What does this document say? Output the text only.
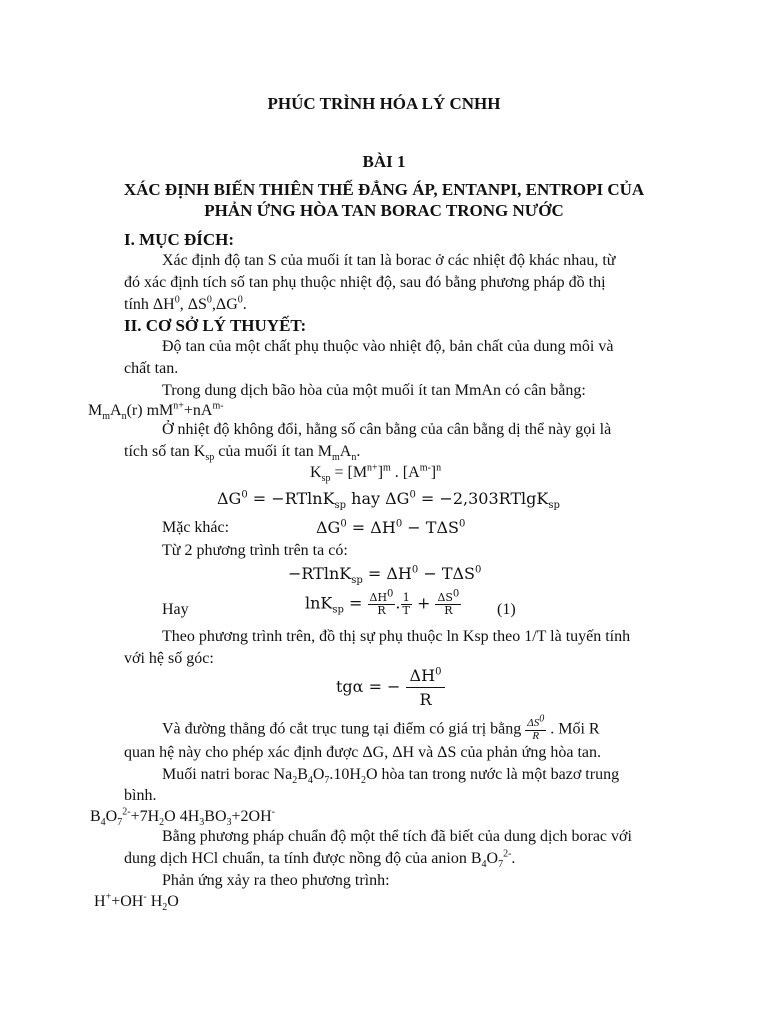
PHÚC TRÌNH HÓA LÝ CNHH
BÀI 1
XÁC ĐỊNH BIẾN THIÊN THẾ ĐẲNG ÁP, ENTANPI, ENTROPI CỦA
PHẢN ỨNG HÒA TAN BORAC TRONG NƯỚC
I. MỤC ĐÍCH:
Xác định độ tan S của muối ít tan là borac ở các nhiệt độ khác nhau, từ
đó xác định tích số tan phụ thuộc nhiệt độ, sau đó bằng phương pháp đồ thị
tính $\Delta H^0$, $\Delta S^0,\Delta G^0$.
II. CƠ SỞ LÝ THUYẾT:
Độ tan của một chất phụ thuộc vào nhiệt độ, bản chất của dung môi và
chất tan.
Trong dung dịch bão hòa của một muối ít tan MmAn có cân bằng:
$M_mA_n(r)$ $mM^{n+}+nA^{m-}$
Ở nhiệt độ không đổi, hằng số cân bằng của cân bằng dị thể này gọi là
tích số $\tan K_{sp}$ của muối ít $\tan M_mA_n$.
$K_{sp} = [M^{n+}]^m$ . $[A^{m-}]^n$
$\Delta G^0 = -RTlnK_{sp}$ hay $\Delta G^0 = -2,303RTlgK_{sp}$
Mặc khác:	$\Delta G^0 = \Delta H^0 - T\Delta S^0$
Từ 2 phương trình trên ta có:
$-RTlnK_{sp} = \Delta H^0 - T\Delta S^0$
Hay	$\ln K_{sp} = \frac{\Delta H^0}{R}$ . $\frac{1}{T} + \frac{\Delta S^0}{R} (1)$
Theo phương trình trên, đồ thị sự phụ thuộc ln Ksp theo 1/T là tuyến tính
với hệ số góc:
tgα = − $\frac{\Delta H^0}{R}$
Và đường thẳng đó cắt trục tung tại điểm có giá trị bằng $\frac{\Delta S^0}{R}$ . Mối R
quan hệ này cho phép xác định được ΔG, ΔH và ΔS của phản ứng hòa tan.
Muối natri borac $Na_2B_4O_7.10H_2O$ hòa tan trong nước là một bazơ trung
bình.
$B_4O_7^{2-}+7H_2O$ $4H_3BO_3+2OH^-$
Bằng phương pháp chuẩn độ một thể tích đã biết của dung dịch borac với
dung dịch HCl chuẩn, ta tính được nồng độ của anion $B_4O_7^{2-}$.
Phản ứng xảy ra theo phương trình:
H++OH- $H_2O$
